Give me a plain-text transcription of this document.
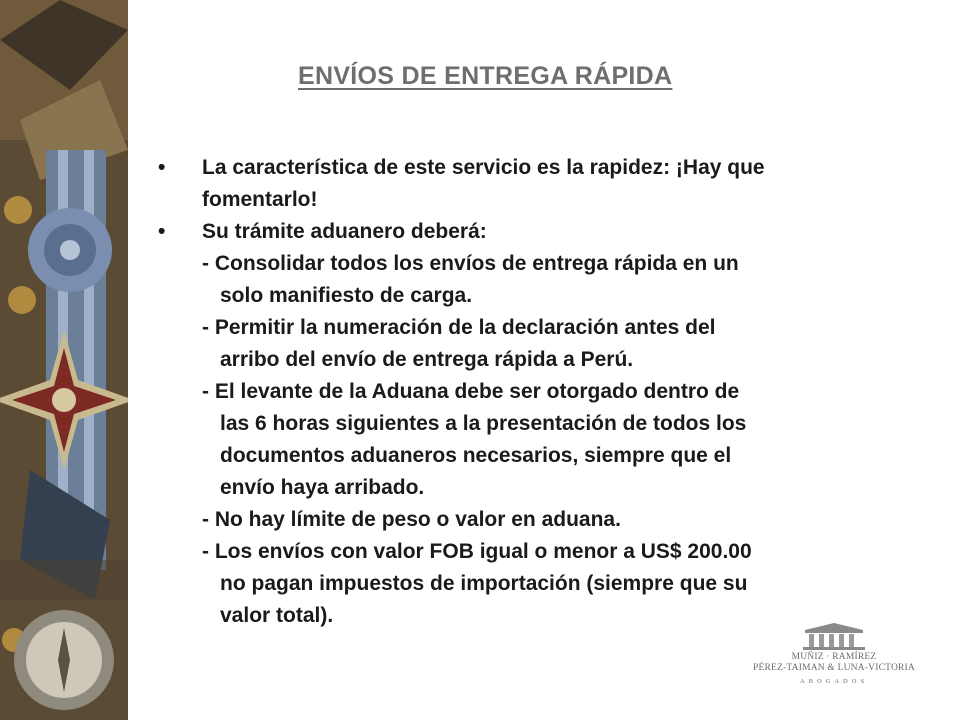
ENVÍOS DE ENTREGA RÁPIDA
• La característica de este servicio es la rapidez: ¡Hay que
fomentarlo!
• Su trámite aduanero deberá:
- Consolidar todos los envíos de entrega rápida en un
solo manifiesto de carga.
- Permitir la numeración de la declaración antes del
arribo del envío de entrega rápida a Perú.
- El levante de la Aduana debe ser otorgado dentro de
las 6 horas siguientes a la presentación de todos los
documentos aduaneros necesarios, siempre que el
envío haya arribado.
- No hay límite de peso o valor en aduana.
- Los envíos con valor FOB igual o menor a US$ 200.00
no pagan impuestos de importación (siempre que su
valor total).
MUÑIZ · RAMÍREZ
PÉREZ-TAIMAN & LUNA-VICTORIA
ABOGADOS
